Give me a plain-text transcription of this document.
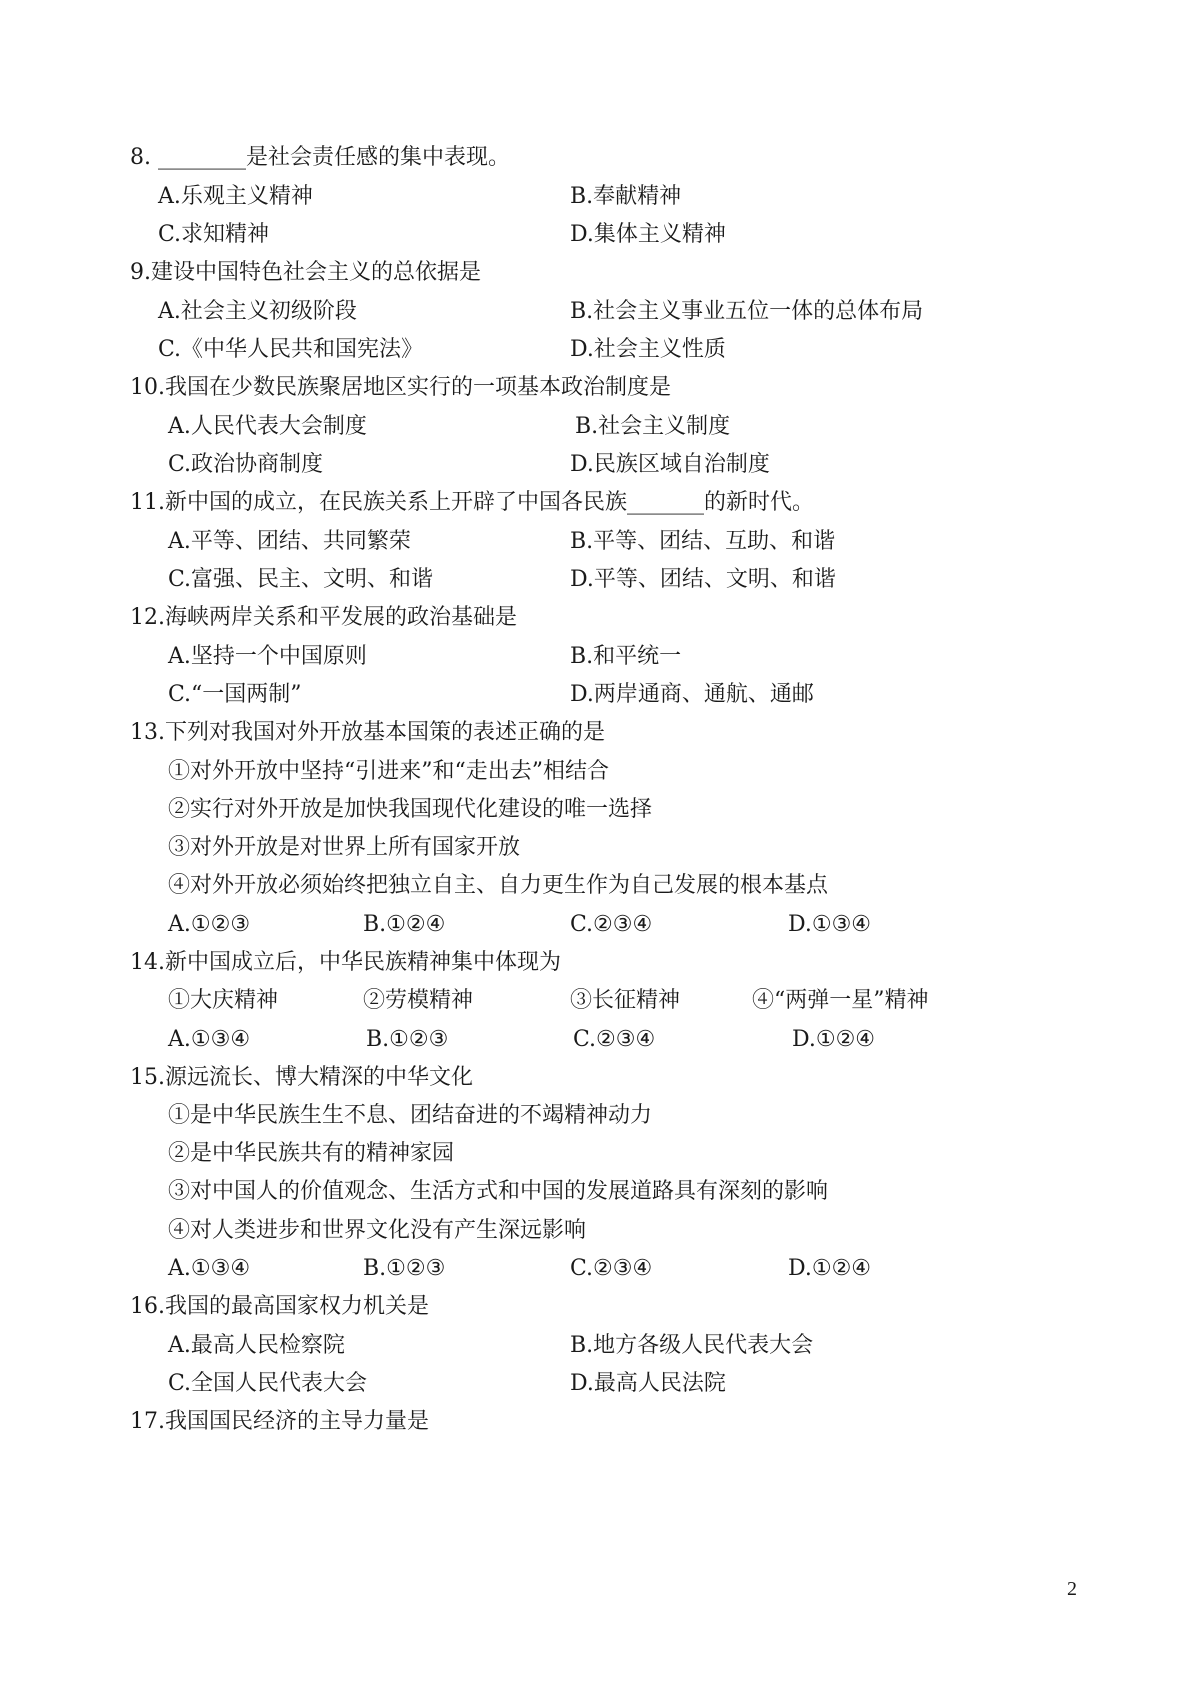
8. ________是社会责任感的集中表现。
A.乐观主义精神	B.奉献精神
C.求知精神	D.集体主义精神
9.建设中国特色社会主义的总依据是
A.社会主义初级阶段	B.社会主义事业五位一体的总体布局
C.《中华人民共和国宪法》	D.社会主义性质
10.我国在少数民族聚居地区实行的一项基本政治制度是
A.人民代表大会制度	B.社会主义制度
C.政治协商制度	D.民族区域自治制度
11.新中国的成立，在民族关系上开辟了中国各民族_______的新时代。
A.平等、团结、共同繁荣	B.平等、团结、互助、和谐
C.富强、民主、文明、和谐	D.平等、团结、文明、和谐
12.海峡两岸关系和平发展的政治基础是
A.坚持一个中国原则	B.和平统一
C.“一国两制”	D.两岸通商、通航、通邮
13.下列对我国对外开放基本国策的表述正确的是
①对外开放中坚持“引进来”和“走出去”相结合
②实行对外开放是加快我国现代化建设的唯一选择
③对外开放是对世界上所有国家开放
④对外开放必须始终把独立自主、自力更生作为自己发展的根本基点
A.①②③	B.①②④	C.②③④	D.①③④
14.新中国成立后，中华民族精神集中体现为
①大庆精神	②劳模精神	③长征精神	④“两弹一星”精神
A.①③④	B.①②③	C.②③④	D.①②④
15.源远流长、博大精深的中华文化
①是中华民族生生不息、团结奋进的不竭精神动力
②是中华民族共有的精神家园
③对中国人的价值观念、生活方式和中国的发展道路具有深刻的影响
④对人类进步和世界文化没有产生深远影响
A.①③④	B.①②③	C.②③④	D.①②④
16.我国的最高国家权力机关是
A.最高人民检察院	B.地方各级人民代表大会
C.全国人民代表大会	D.最高人民法院
17.我国国民经济的主导力量是
2
